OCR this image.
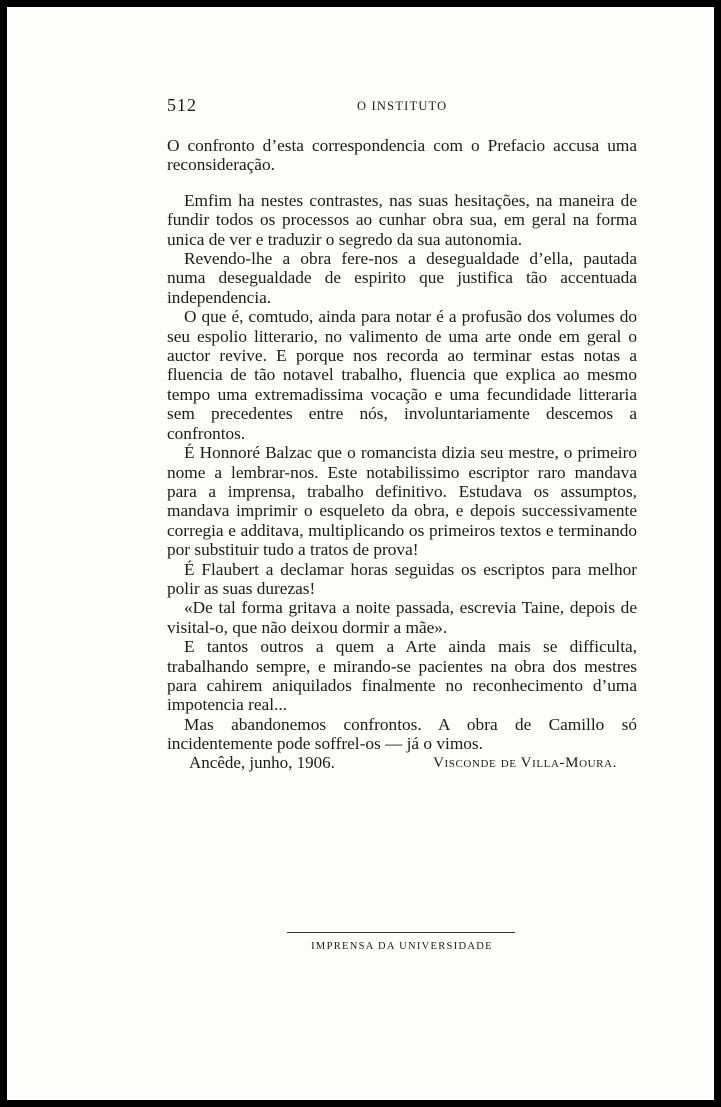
512	O INSTITUTO

O confronto d’esta correspondencia com o Prefacio accusa uma reconsideração.

Emfim ha nestes contrastes, nas suas hesitações, na maneira de fundir todos os processos ao cunhar obra sua, em geral na forma unica de ver e traduzir o segredo da sua autonomia.

Revendo-lhe a obra fere-nos a desegualdade d’ella, pautada numa desegualdade de espirito que justifica tão accentuada independencia.

O que é, comtudo, ainda para notar é a profusão dos volumes do seu espolio litterario, no valimento de uma arte onde em geral o auctor revive. E porque nos recorda ao terminar estas notas a fluencia de tão notavel trabalho, fluencia que explica ao mesmo tempo uma extremadissima vocação e uma fecundidade litteraria sem precedentes entre nós, involuntariamente descemos a confrontos.

É Honnoré Balzac que o romancista dizia seu mestre, o primeiro nome a lembrar-nos. Este notabilissimo escriptor raro mandava para a imprensa, trabalho definitivo. Estudava os assumptos, mandava imprimir o esqueleto da obra, e depois successivamente corregia e additava, multiplicando os primeiros textos e terminando por substituir tudo a tratos de prova!

É Flaubert a declamar horas seguidas os escriptos para melhor polir as suas durezas!

«De tal forma gritava a noite passada, escrevia Taine, depois de visital-o, que não deixou dormir a mãe».

E tantos outros a quem a Arte ainda mais se difficulta, trabalhando sempre, e mirando-se pacientes na obra dos mestres para cahirem aniquilados finalmente no reconhecimento d’uma impotencia real...

Mas abandonemos confrontos. A obra de Camillo só incidentemente pode soffrel-os — já o vimos.

Ancêde, junho, 1906.	Visconde de Villa-Moura.
IMPRENSA DA UNIVERSIDADE
